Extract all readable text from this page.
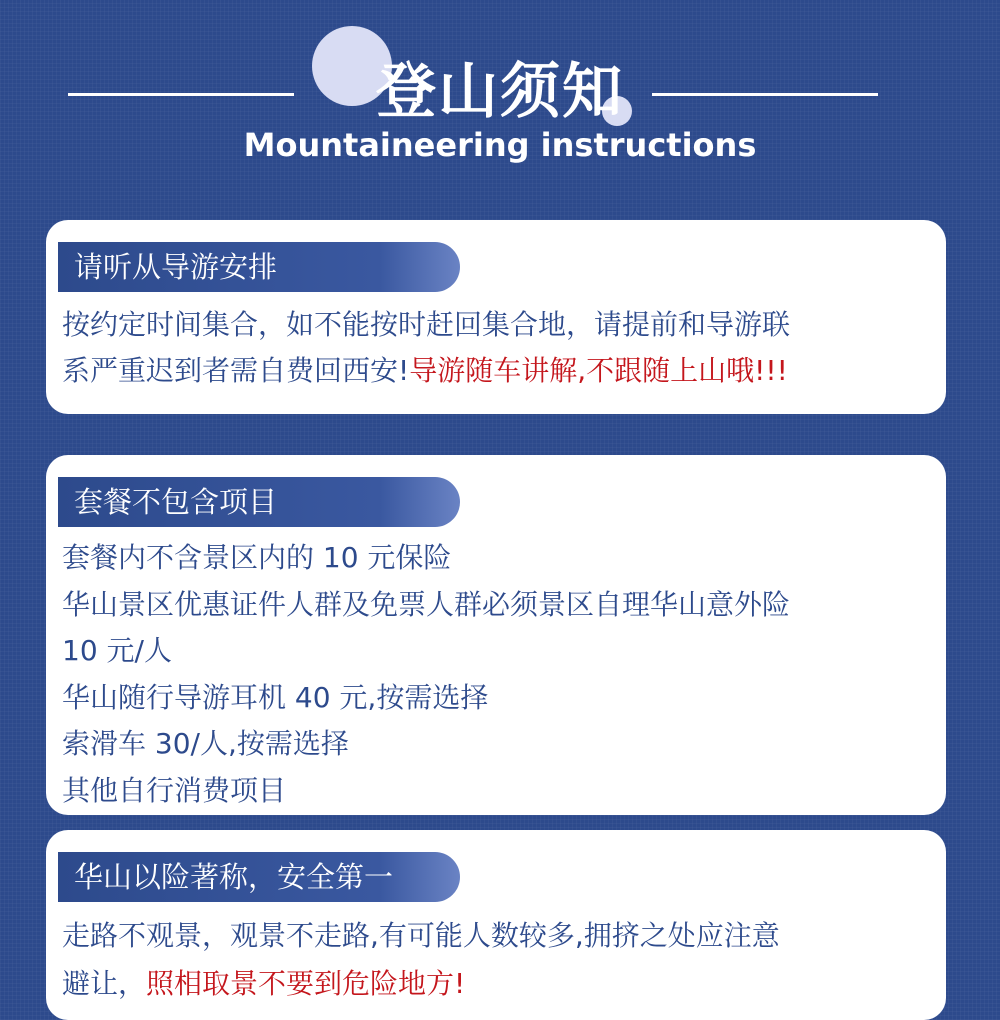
登山须知
Mountaineering instructions
请听从导游安排
按约定时间集合，如不能按时赶回集合地，请提前和导游联
系严重迟到者需自费回西安!导游随车讲解,不跟随上山哦!!!
套餐不包含项目
套餐内不含景区内的 10 元保险
华山景区优惠证件人群及免票人群必须景区自理华山意外险
10 元/人
华山随行导游耳机 40 元,按需选择
索滑车 30/人,按需选择
其他自行消费项目
华山以险著称，安全第一
走路不观景，观景不走路,有可能人数较多,拥挤之处应注意
避让，照相取景不要到危险地方!
